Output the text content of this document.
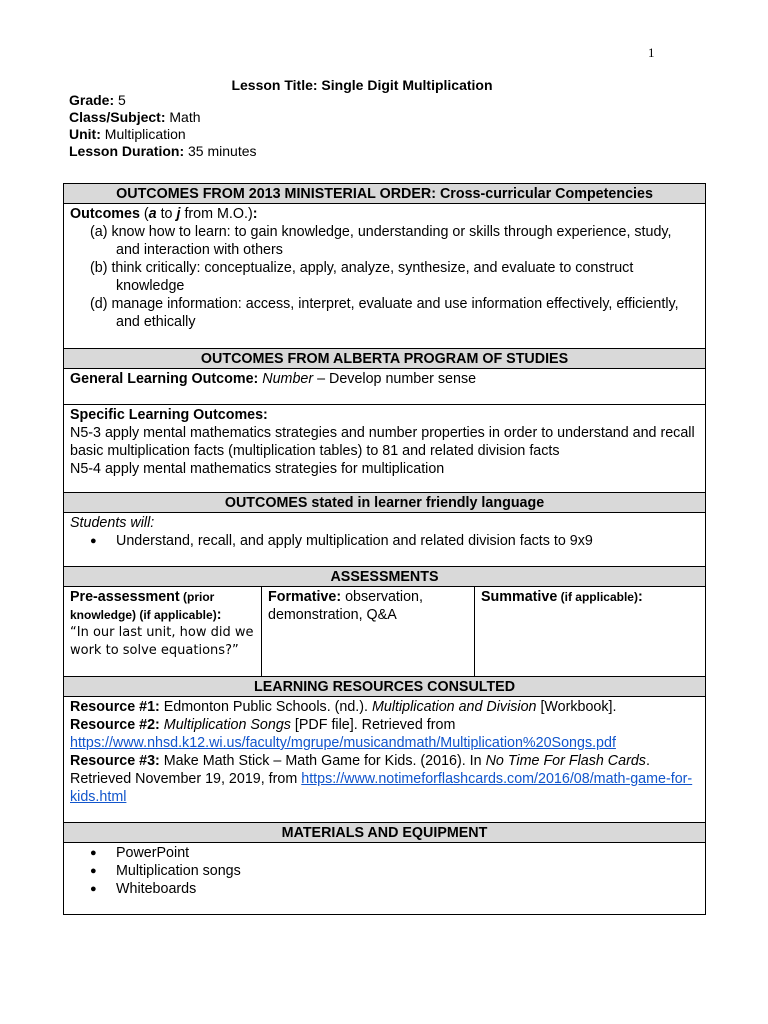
1
Lesson Title: Single Digit Multiplication
Grade: 5
Class/Subject: Math
Unit: Multiplication
Lesson Duration: 35 minutes
OUTCOMES FROM 2013 MINISTERIAL ORDER: Cross-curricular Competencies

Outcomes (a to j from M.O.):
(a) know how to learn: to gain knowledge, understanding or skills through experience, study, and interaction with others
(b) think critically: conceptualize, apply, analyze, synthesize, and evaluate to construct knowledge
(d) manage information: access, interpret, evaluate and use information effectively, efficiently, and ethically

OUTCOMES FROM ALBERTA PROGRAM OF STUDIES
General Learning Outcome: Number – Develop number sense

Specific Learning Outcomes:
N5-3 apply mental mathematics strategies and number properties in order to understand and recall basic multiplication facts (multiplication tables) to 81 and related division facts
N5-4 apply mental mathematics strategies for multiplication

OUTCOMES stated in learner friendly language

Students will:
● Understand, recall, and apply multiplication and related division facts to 9x9

ASSESSMENTS
Pre-assessment (prior knowledge) (if applicable):
“In our last unit, how did we work to solve equations?”
	Formative: observation, demonstration, Q&A	Summative (if applicable):
LEARNING RESOURCES CONSULTED

Resource #1: Edmonton Public Schools. (nd.). Multiplication and Division [Workbook].
Resource #2: Multiplication Songs [PDF file]. Retrieved from
https://www.nhsd.k12.wi.us/faculty/mgrupe/musicandmath/Multiplication%20Songs.pdf
Resource #3: Make Math Stick – Math Game for Kids. (2016). In No Time For Flash Cards.
Retrieved November 19, 2019, from https://www.notimeforflashcards.com/2016/08/math-game-for-kids.html

MATERIALS AND EQUIPMENT

● PowerPoint
● Multiplication songs
● Whiteboards
